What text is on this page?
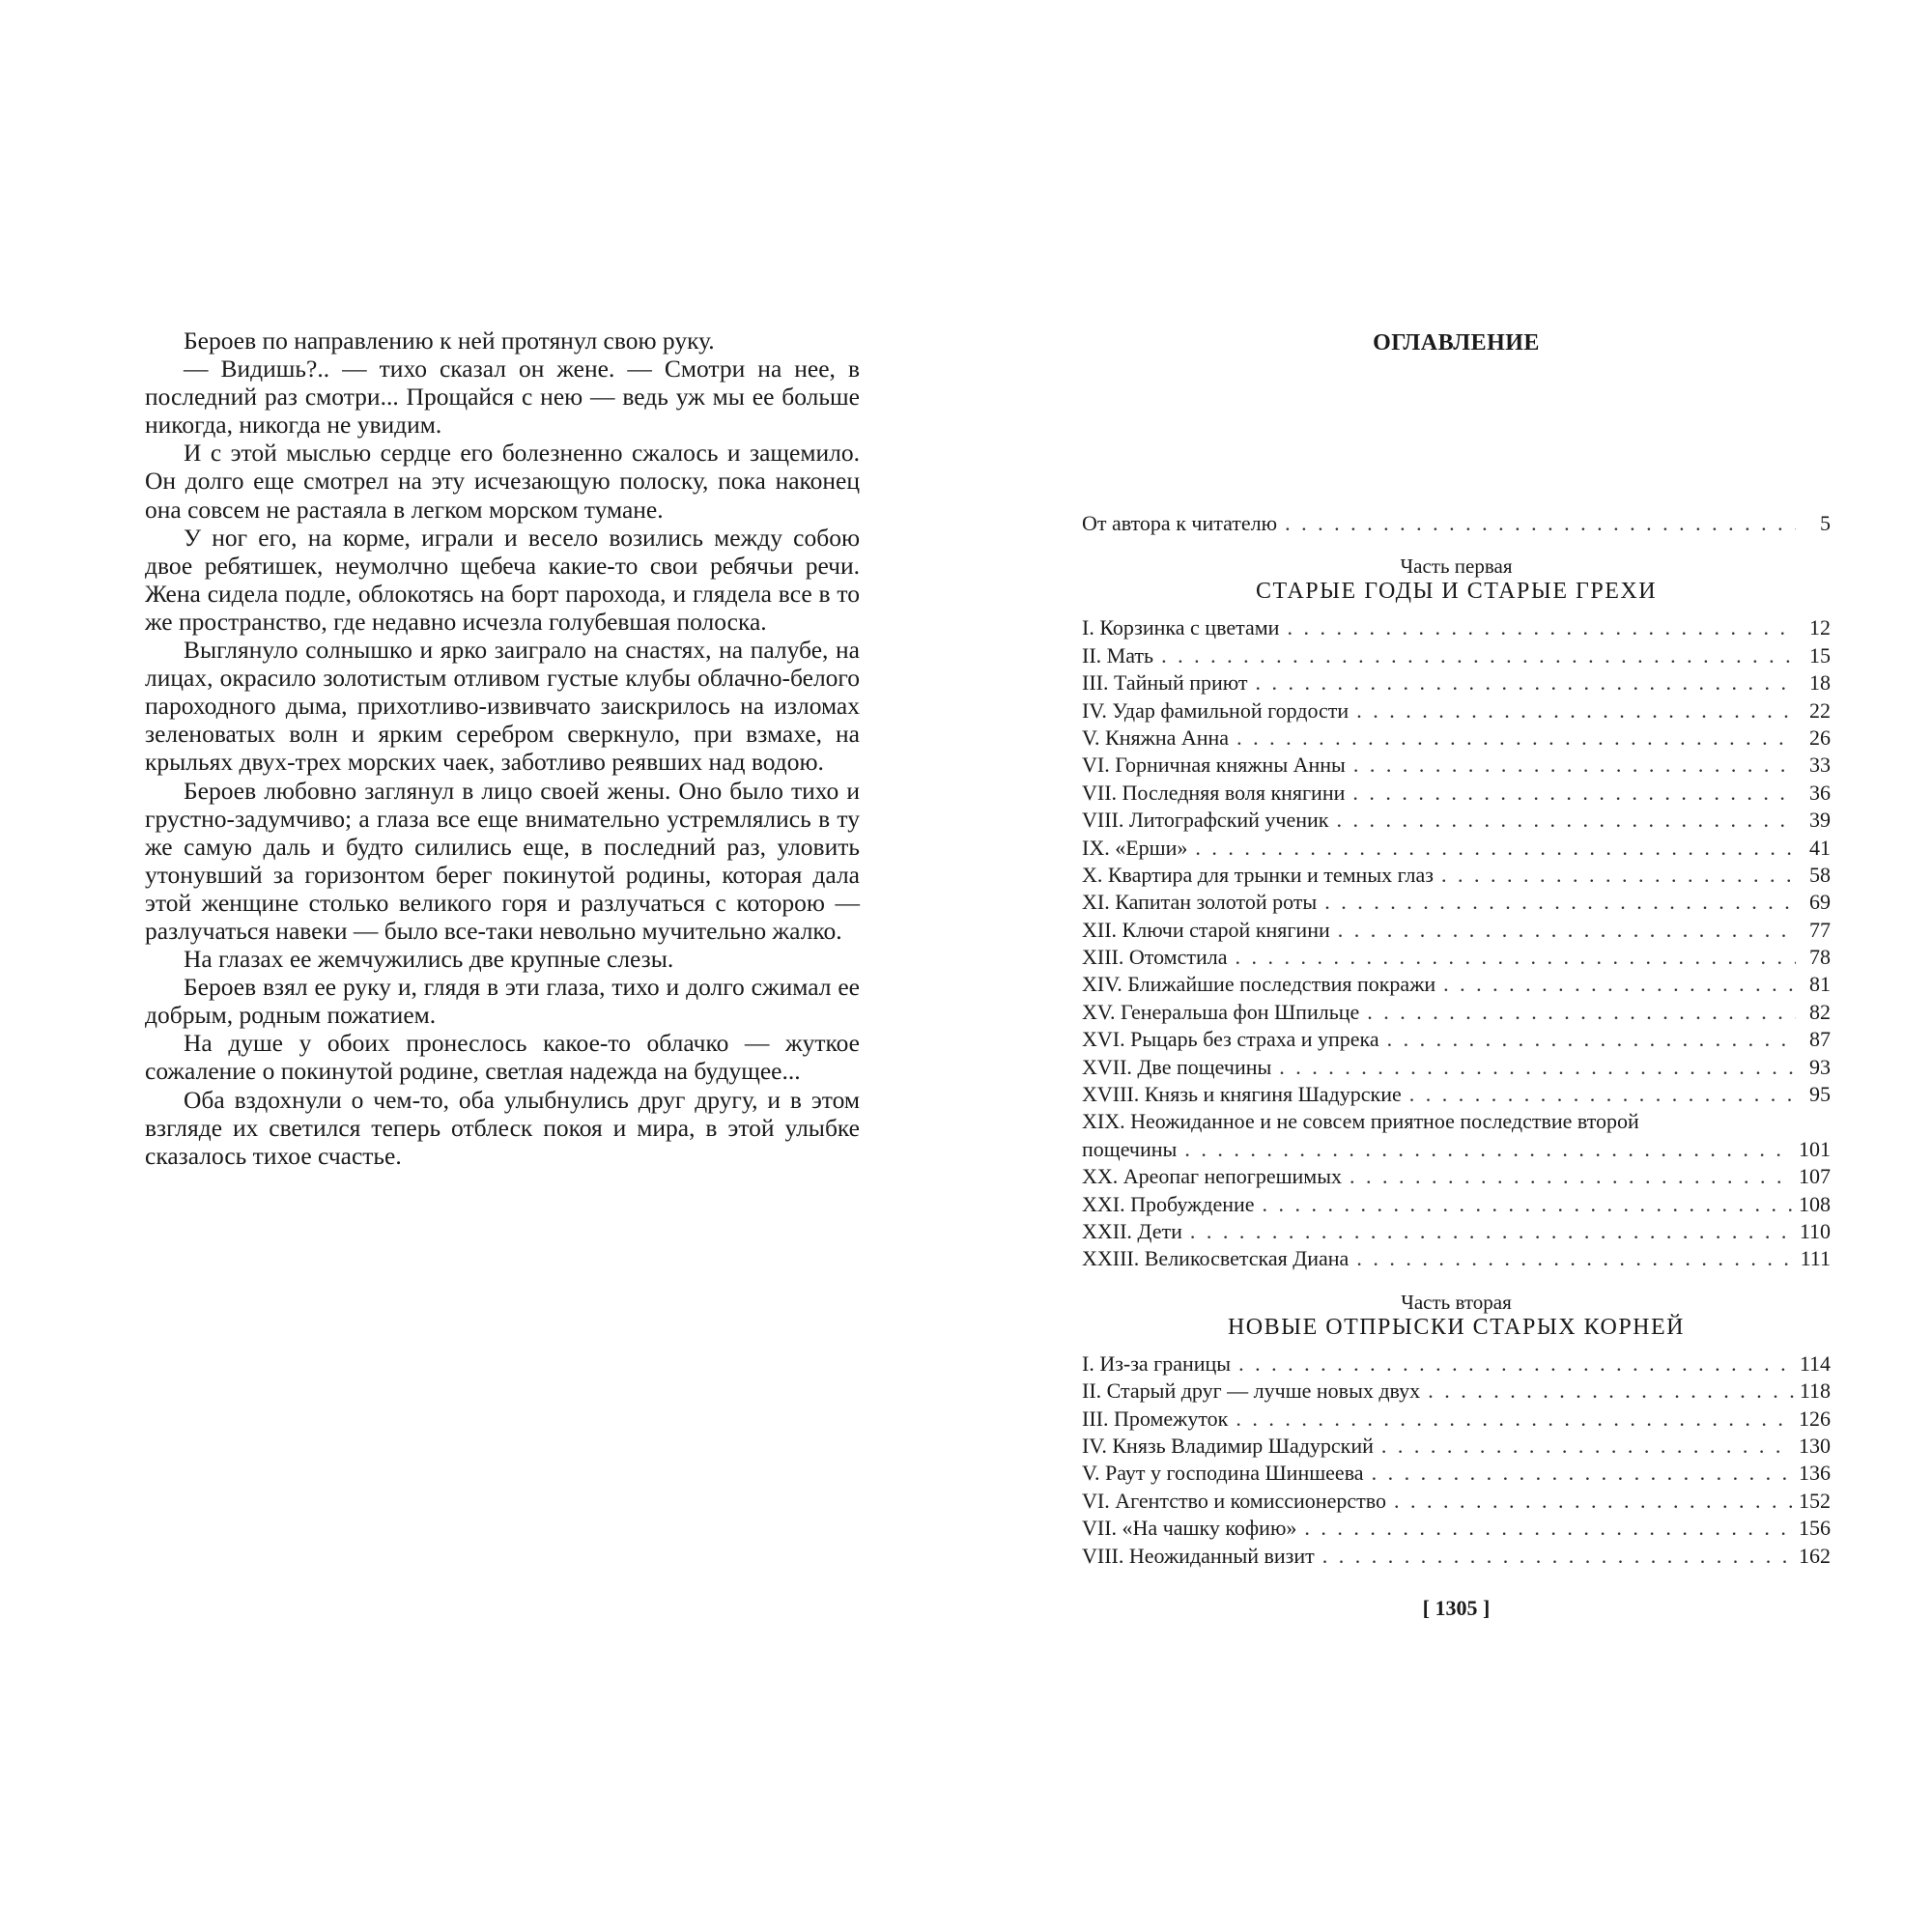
Бероев по направлению к ней протянул свою руку.

— Видишь?.. — тихо сказал он жене. — Смотри на нее, в последний раз смотри... Прощайся с нею — ведь уж мы ее больше никогда, никогда не увидим.

И с этой мыслью сердце его болезненно сжалось и защемило. Он долго еще смотрел на эту исчезающую полоску, пока наконец она совсем не растаяла в легком морском тумане.

У ног его, на корме, играли и весело возились между собою двое ребятишек, неумолчно щебеча какие-то свои ребячьи речи. Жена сидела подле, облокотясь на борт парохода, и глядела все в то же пространство, где недавно исчезла голубевшая полоска.

Выглянуло солнышко и ярко заиграло на снастях, на палубе, на лицах, окрасило золотистым отливом густые клубы облачно-белого пароходного дыма, прихотливо-извивчато заискрилось на изломах зеленоватых волн и ярким серебром сверкнуло, при взмахе, на крыльях двух-трех морских чаек, заботливо реявших над водою.

Бероев любовно заглянул в лицо своей жены. Оно было тихо и грустно-задумчиво; а глаза все еще внимательно устремлялись в ту же самую даль и будто силились еще, в последний раз, уловить утонувший за горизонтом берег покинутой родины, которая дала этой женщине столько великого горя и разлучаться с которою — разлучаться навеки — было все-таки невольно мучительно жалко.

На глазах ее жемчужились две крупные слезы.

Бероев взял ее руку и, глядя в эти глаза, тихо и долго сжимал ее добрым, родным пожатием.

На душе у обоих пронеслось какое-то облачко — жуткое сожаление о покинутой родине, светлая надежда на будущее...

Оба вздохнули о чем-то, оба улыбнулись друг другу, и в этом взгляде их светился теперь отблеск покоя и мира, в этой улыбке сказалось тихое счастье.

ОГЛАВЛЕНИЕ
От автора к читателю . . .	5
Часть первая
СТАРЫЕ ГОДЫ И СТАРЫЕ ГРЕХИ
I. Корзинка с цветами . . .	12
II. Мать . . .	15
III. Тайный приют . . .	18
IV. Удар фамильной гордости . . .	22
V. Княжна Анна . . .	26
VI. Горничная княжны Анны . . .	33
VII. Последняя воля княгини . . .	36
VIII. Литографский ученик . . .	39
IX. «Ерши» . . .	41
X. Квартира для трынки и темных глаз . . .	58
XI. Капитан золотой роты . . .	69
XII. Ключи старой княгини . . .	77
XIII. Отомстила . . .	78
XIV. Ближайшие последствия покражи . . .	81
XV. Генеральша фон Шпильце . . .	82
XVI. Рыцарь без страха и упрека . . .	87
XVII. Две пощечины . . .	93
XVIII. Князь и княгиня Шадурские . . .	95
XIX. Неожиданное и не совсем приятное последствие второй
пощечины . . .	101
XX. Ареопаг непогрешимых . . .	107
XXI. Пробуждение . . .	108
XXII. Дети . . .	110
XXIII. Великосветская Диана . . .	111
Часть вторая
НОВЫЕ ОТПРЫСКИ СТАРЫХ КОРНЕЙ
I. Из-за границы . . .	114
II. Старый друг — лучше новых двух . . .	118
III. Промежуток . . .	126
IV. Князь Владимир Шадурский . . .	130
V. Раут у господина Шиншеева . . .	136
VI. Агентство и комиссионерство . . .	152
VII. «На чашку кофию» . . .	156
VIII. Неожиданный визит . . .	162
[ 1305 ]
